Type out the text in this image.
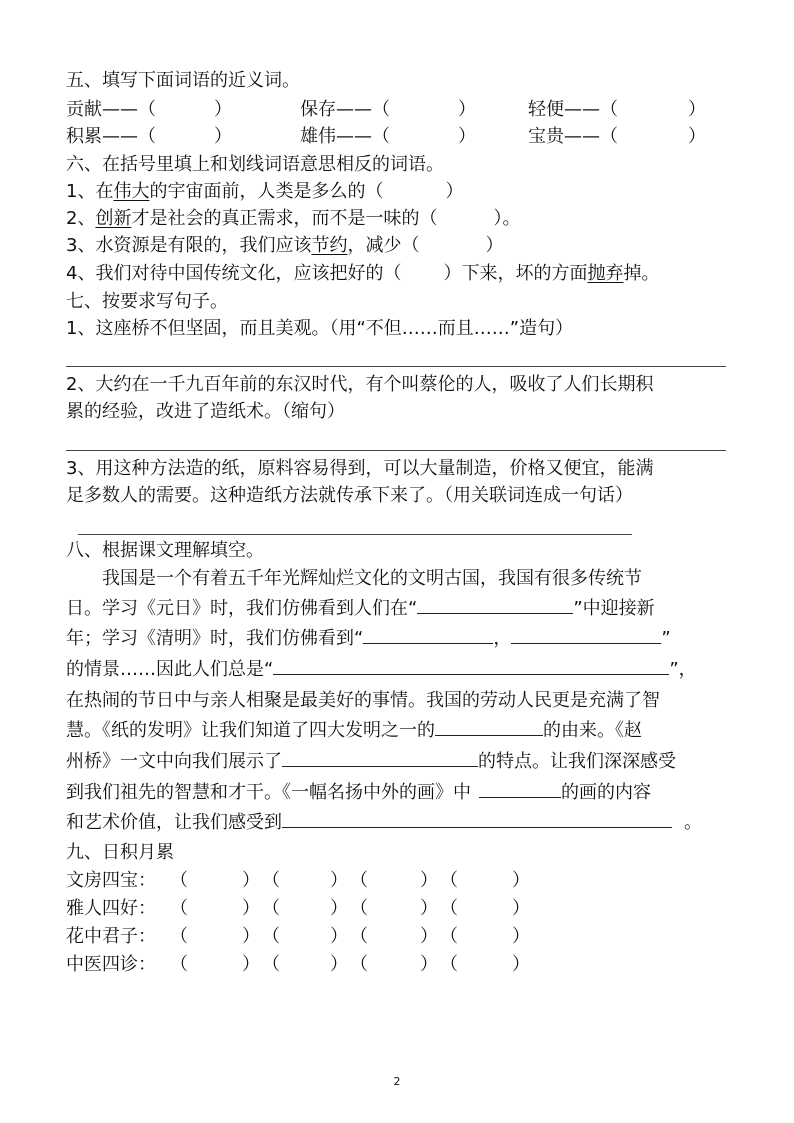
五、填写下面词语的近义词。
贡献——（	）	保存——（	）	轻便——（	）
积累——（	）	雄伟——（	）	宝贵——（	）
六、在括号里填上和划线词语意思相反的词语。
1、在伟大的宇宙面前，人类是多么的（	）
2、创新才是社会的真正需求，而不是一味的（	）。
3、水资源是有限的，我们应该节约，减少（	）
4、我们对待中国传统文化，应该把好的（ ）下来，坏的方面抛弃掉。
七、按要求写句子。
1、这座桥不但坚固，而且美观。（用“不但……而且……”造句）
2、大约在一千九百年前的东汉时代，有个叫蔡伦的人，吸收了人们长期积
累的经验，改进了造纸术。（缩句）
3、用这种方法造的纸，原料容易得到，可以大量制造，价格又便宜，能满
足多数人的需要。这种造纸方法就传承下来了。（用关联词连成一句话）
八、根据课文理解填空。
我国是一个有着五千年光辉灿烂文化的文明古国，我国有很多传统节
日。学习《元日》时，我们仿佛看到人们在“	”中迎接新
年；学习《清明》时，我们仿佛看到“	，	”
的情景……因此人们总是“	”，
在热闹的节日中与亲人相聚是最美好的事情。我国的劳动人民更是充满了智
慧。《纸的发明》让我们知道了四大发明之一的	的由来。《赵
州桥》一文中向我们展示了	的特点。让我们深深感受
到我们祖先的智慧和才干。《一幅名扬中外的画》中	的画的内容
和艺术价值，让我们感受到	。
九、日积月累
文房四宝： （	） （	） （	） （	）
雅人四好： （	） （	） （	） （	）
花中君子： （	） （	） （	） （	）
中医四诊： （	） （	） （	） （	）
2
